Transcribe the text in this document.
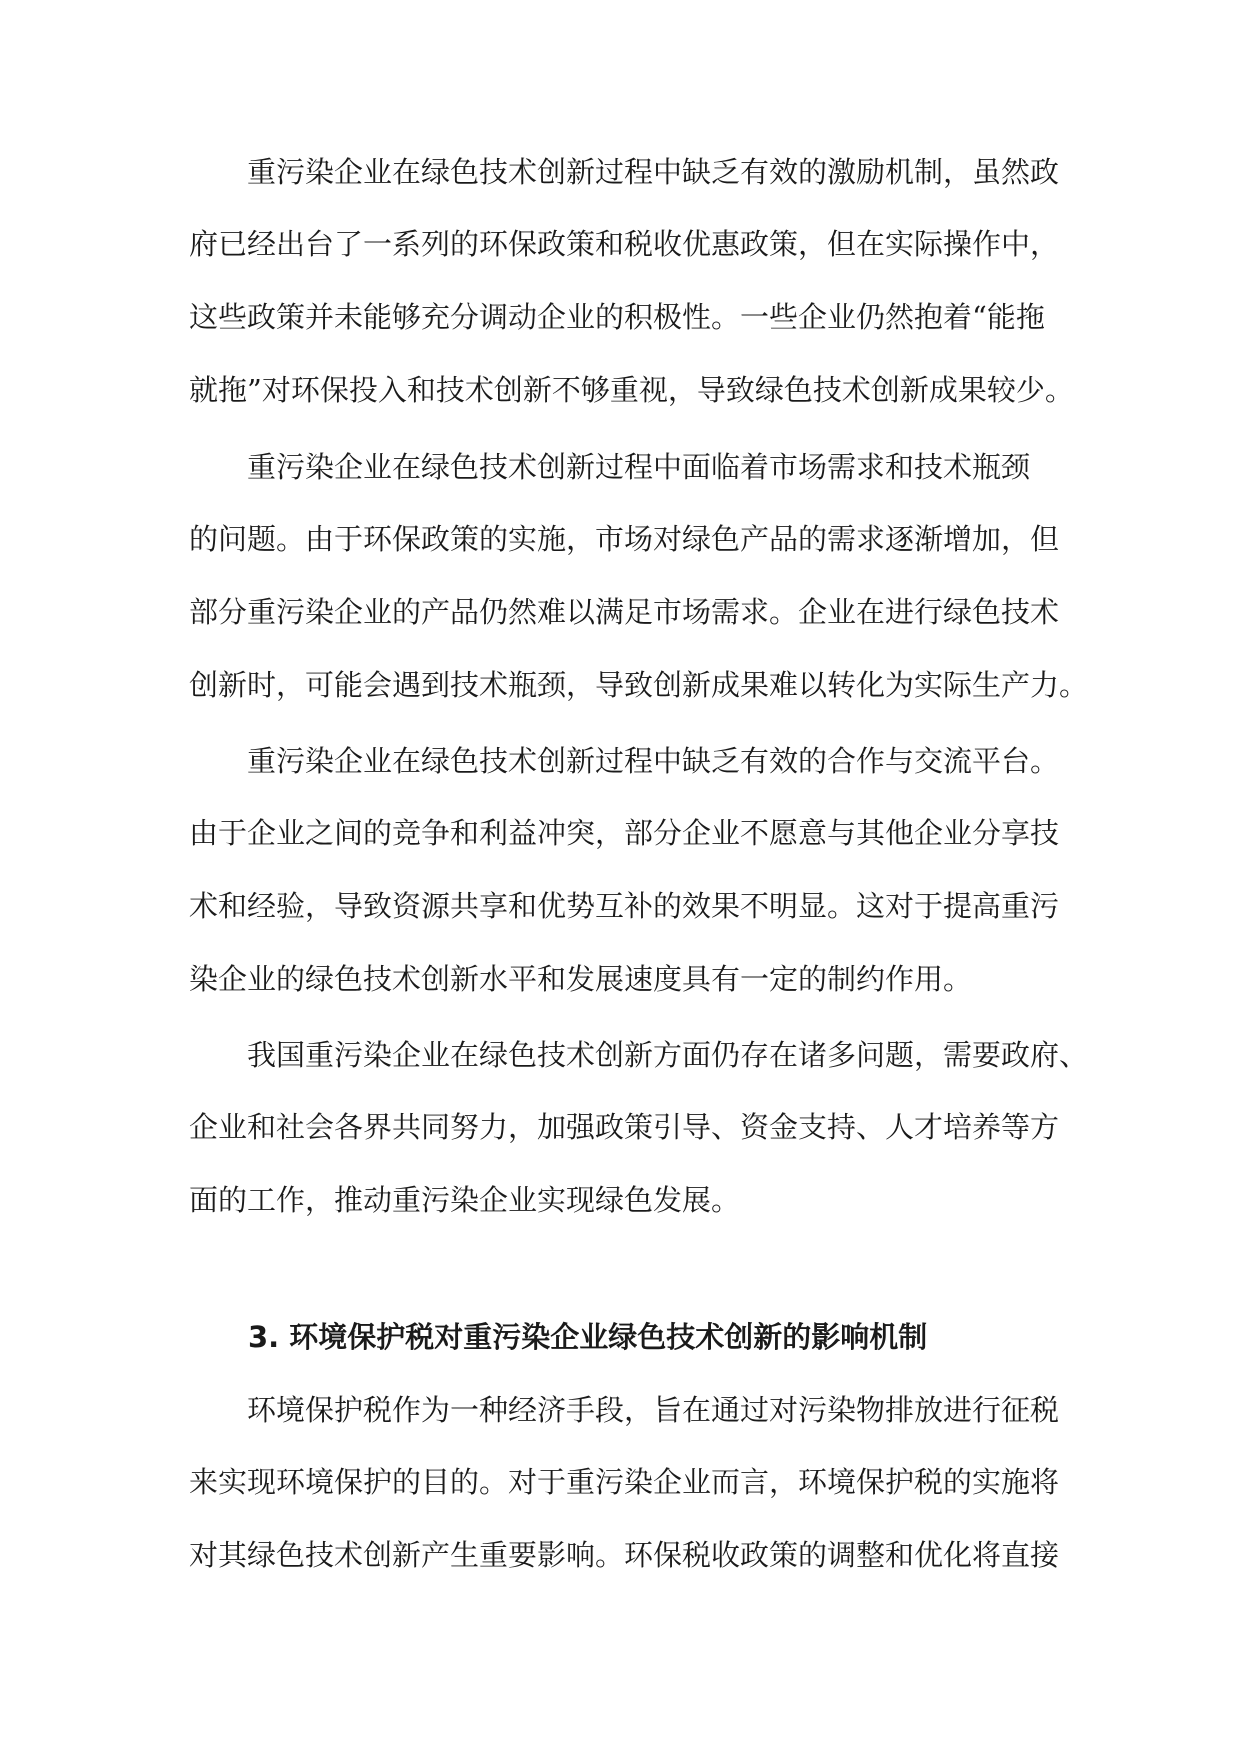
重污染企业在绿色技术创新过程中缺乏有效的激励机制，虽然政
府已经出台了一系列的环保政策和税收优惠政策，但在实际操作中，
这些政策并未能够充分调动企业的积极性。一些企业仍然抱着“能拖
就拖”对环保投入和技术创新不够重视，导致绿色技术创新成果较少。
重污染企业在绿色技术创新过程中面临着市场需求和技术瓶颈
的问题。由于环保政策的实施，市场对绿色产品的需求逐渐增加，但
部分重污染企业的产品仍然难以满足市场需求。企业在进行绿色技术
创新时，可能会遇到技术瓶颈，导致创新成果难以转化为实际生产力。
重污染企业在绿色技术创新过程中缺乏有效的合作与交流平台。
由于企业之间的竞争和利益冲突，部分企业不愿意与其他企业分享技
术和经验，导致资源共享和优势互补的效果不明显。这对于提高重污
染企业的绿色技术创新水平和发展速度具有一定的制约作用。
我国重污染企业在绿色技术创新方面仍存在诸多问题，需要政府、
企业和社会各界共同努力，加强政策引导、资金支持、人才培养等方
面的工作，推动重污染企业实现绿色发展。
3. 环境保护税对重污染企业绿色技术创新的影响机制
环境保护税作为一种经济手段，旨在通过对污染物排放进行征税
来实现环境保护的目的。对于重污染企业而言，环境保护税的实施将
对其绿色技术创新产生重要影响。环保税收政策的调整和优化将直接
